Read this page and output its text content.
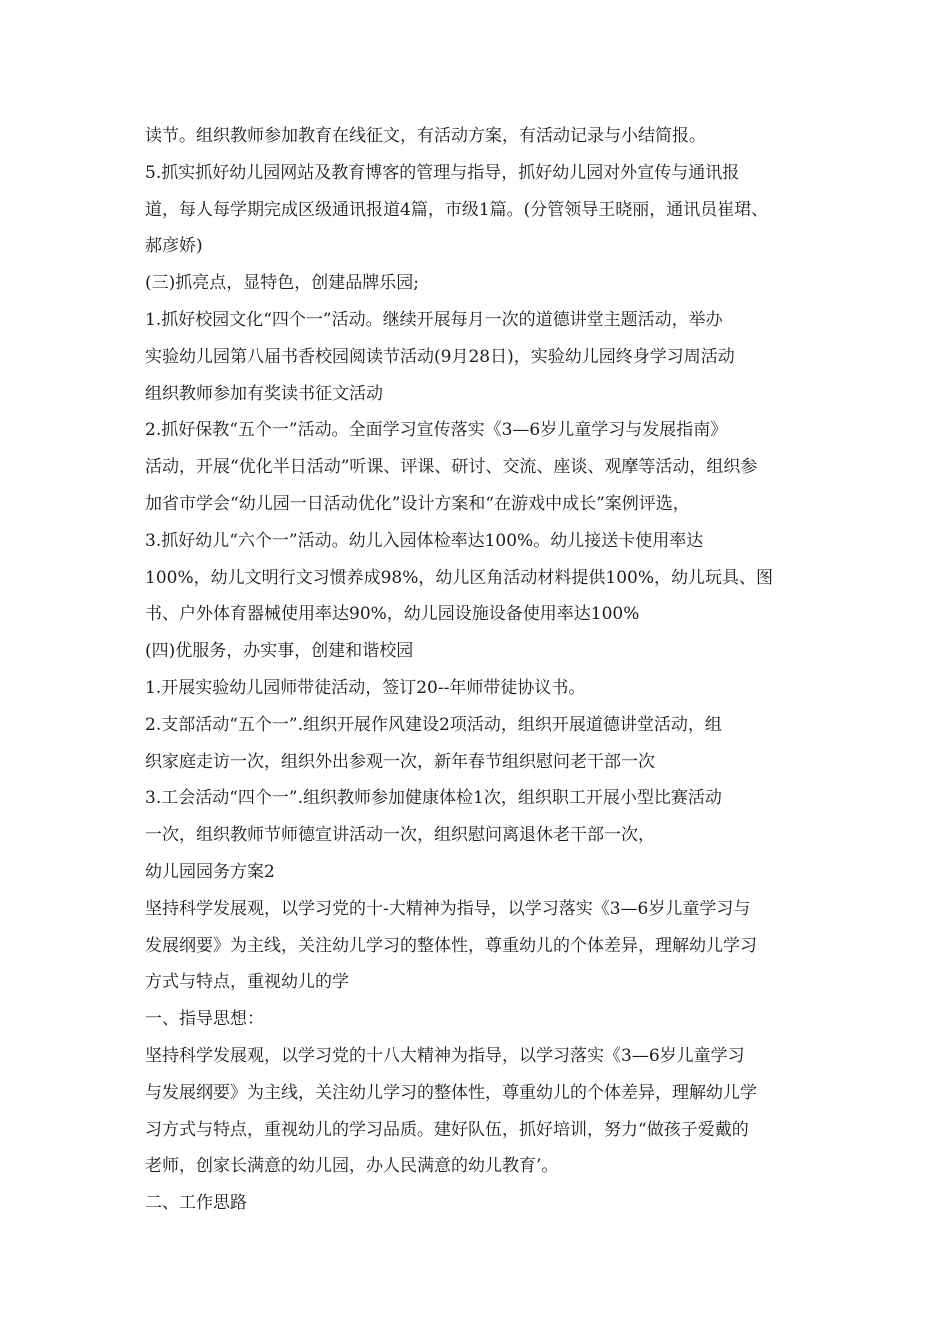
读节。组织教师参加教育在线征文，有活动方案，有活动记录与小结简报。
5.抓实抓好幼儿园网站及教育博客的管理与指导，抓好幼儿园对外宣传与通讯报
道，每人每学期完成区级通讯报道4篇，市级1篇。(分管领导王晓丽，通讯员崔珺、
郝彦娇)
(三)抓亮点，显特色，创建品牌乐园;
1.抓好校园文化“四个一”活动。继续开展每月一次的道德讲堂主题活动，举办
实验幼儿园第八届书香校园阅读节活动(9月28日)，实验幼儿园终身学习周活动
组织教师参加有奖读书征文活动
2.抓好保教“五个一”活动。全面学习宣传落实《3—6岁儿童学习与发展指南》
活动，开展“优化半日活动”听课、评课、研讨、交流、座谈、观摩等活动，组织参
加省市学会“幼儿园一日活动优化”设计方案和“在游戏中成长”案例评选，
3.抓好幼儿“六个一”活动。幼儿入园体检率达100%。幼儿接送卡使用率达
100%，幼儿文明行文习惯养成98%，幼儿区角活动材料提供100%，幼儿玩具、图
书、户外体育器械使用率达90%，幼儿园设施设备使用率达100%
(四)优服务，办实事，创建和谐校园
1.开展实验幼儿园师带徒活动，签订20--年师带徒协议书。
2.支部活动“五个一”.组织开展作风建设2项活动，组织开展道德讲堂活动，组
织家庭走访一次，组织外出参观一次，新年春节组织慰问老干部一次
3.工会活动“四个一”.组织教师参加健康体检1次，组织职工开展小型比赛活动
一次，组织教师节师德宣讲活动一次，组织慰问离退休老干部一次，
幼儿园园务方案2
坚持科学发展观，以学习党的十-大精神为指导，以学习落实《3—6岁儿童学习与
发展纲要》为主线，关注幼儿学习的整体性，尊重幼儿的个体差异，理解幼儿学习
方式与特点，重视幼儿的学
一、指导思想：
坚持科学发展观，以学习党的十八大精神为指导，以学习落实《3—6岁儿童学习
与发展纲要》为主线，关注幼儿学习的整体性，尊重幼儿的个体差异，理解幼儿学
习方式与特点，重视幼儿的学习品质。建好队伍，抓好培训，努力“做孩子爱戴的
老师，创家长满意的幼儿园，办人民满意的幼儿教育’。
二、工作思路
